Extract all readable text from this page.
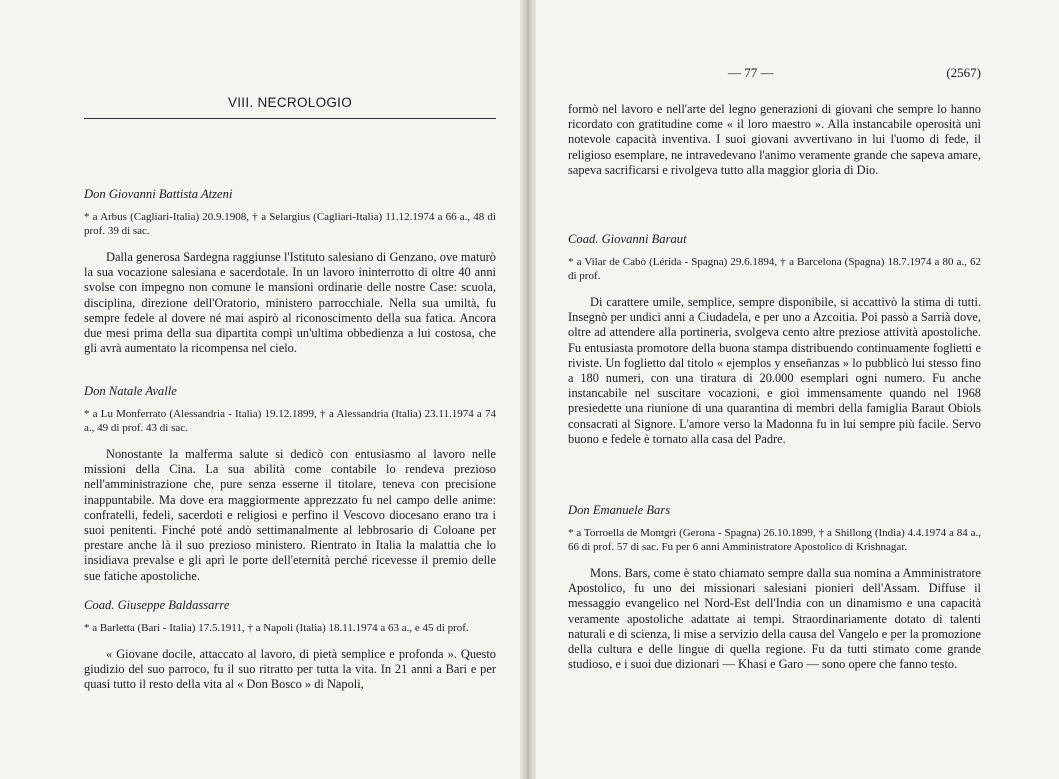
VIII. NECROLOGIO

Don Giovanni Battista Atzeni

* a Arbus (Cagliari-Italia) 20.9.1908, † a Selargius (Cagliari-Italia) 11.12.1974 a 66 a., 48 di prof. 39 di sac.

Dalla generosa Sardegna raggiunse l'Istituto salesiano di Genzano, ove maturò la sua vocazione salesiana e sacerdotale. In un lavoro ininterrotto di oltre 40 anni svolse con impegno non comune le mansioni ordinarie delle nostre Case: scuola, disciplina, direzione dell'Oratorio, ministero parrocchiale. Nella sua umiltà, fu sempre fedele al dovere né mai aspirò al riconoscimento della sua fatica. Ancora due mesi prima della sua dipartita compì un'ultima obbedienza a lui costosa, che gli avrà aumentato la ricompensa nel cielo.

Don Natale Avalle

* a Lu Monferrato (Alessandria - Italia) 19.12.1899, † a Alessandria (Italia) 23.11.1974 a 74 a., 49 di prof. 43 di sac.

Nonostante la malferma salute si dedicò con entusiasmo al lavoro nelle missioni della Cina. La sua abilità come contabile lo rendeva prezioso nell'amministrazione che, pure senza esserne il titolare, teneva con precisione inappuntabile. Ma dove era maggiormente apprezzato fu nel campo delle anime: confratelli, fedeli, sacerdoti e religiosi e perfino il Vescovo diocesano erano tra i suoi penitenti. Finché poté andò settimanalmente al lebbrosario di Coloane per prestare anche là il suo prezioso ministero. Rientrato in Italia la malattia che lo insidiava prevalse e gli aprì le porte dell'eternità perché ricevesse il premio delle sue fatiche apostoliche.

Coad. Giuseppe Baldassarre

* a Barletta (Bari - Italia) 17.5.1911, † a Napoli (Italia) 18.11.1974 a 63 a., e 45 di prof.

« Giovane docile, attaccato al lavoro, di pietà semplice e profonda ». Questo giudizio del suo parroco, fu il suo ritratto per tutta la vita. In 21 anni a Bari e per quasi tutto il resto della vita al « Don Bosco » di Napoli,

— 77 —	(2567)

formò nel lavoro e nell'arte del legno generazioni di giovani che sempre lo hanno ricordato con gratitudine come « il loro maestro ». Alla instancabile operosità unì notevole capacità inventiva. I suoi giovani avvertivano in lui l'uomo di fede, il religioso esemplare, ne intravedevano l'animo veramente grande che sapeva amare, sapeva sacrificarsi e rivolgeva tutto alla maggior gloria di Dio.

Coad. Giovanni Baraut

* a Vilar de Cabò (Lérida - Spagna) 29.6.1894, † a Barcelona (Spagna) 18.7.1974 a 80 a., 62 di prof.

Di carattere umile, semplice, sempre disponibile, si accattivò la stima di tutti. Insegnò per undici anni a Ciudadela, e per uno a Azcoitia. Poi passò a Sarrià dove, oltre ad attendere alla portineria, svolgeva cento altre preziose attività apostoliche. Fu entusiasta promotore della buona stampa distribuendo continuamente foglietti e riviste. Un foglietto dal titolo « ejemplos y enseñanzas » lo pubblicò lui stesso fino a 180 numeri, con una tiratura di 20.000 esemplari ogni numero. Fu anche instancabile nel suscitare vocazioni, e gioì immensamente quando nel 1968 presiedette una riunione di una quarantina di membri della famiglia Baraut Obiols consacrati al Signore. L'amore verso la Madonna fu in lui sempre più facile. Servo buono e fedele è tornato alla casa del Padre.

Don Emanuele Bars

* a Torroella de Montgrì (Gerona - Spagna) 26.10.1899, † a Shillong (India) 4.4.1974 a 84 a., 66 di prof. 57 di sac. Fu per 6 anni Amministratore Apostolico di Krishnagar.

Mons. Bars, come è stato chiamato sempre dalla sua nomina a Amministratore Apostolico, fu uno dei missionari salesiani pionieri dell'Assam. Diffuse il messaggio evangelico nel Nord-Est dell'India con un dinamismo e una capacità veramente apostoliche adattate ai tempi. Straordinariamente dotato di talenti naturali e di scienza, li mise a servizio della causa del Vangelo e per la promozione della cultura e delle lingue di quella regione. Fu da tutti stimato come grande studioso, e i suoi due dizionari — Khasi e Garo — sono opere che fanno testo.
